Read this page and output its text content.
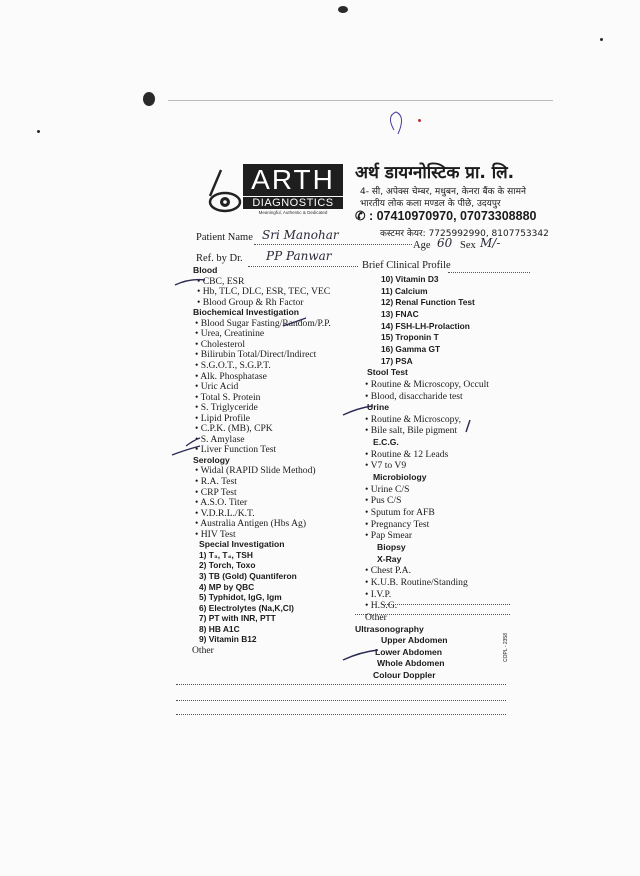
ARTH
DIAGNOSTICS
Meaningful, Authentic & Dedicated
अर्थ डायग्नोस्टिक प्रा. लि.
4- सी, अपेक्स चेम्बर, मधुबन, केनरा बैंक के सामने
भारतीय लोक कला मण्डल के पीछे, उदयपुर
✆ : 07410970970, 07073308880
कस्टमर केयर: 7725992990, 8107753342
Patient Name Sri Manohar
Age 60 Sex M/-
Ref. by Dr. PP Panwar
Brief Clinical Profile
Blood
• CBC, ESR
• Hb, TLC, DLC, ESR, TEC, VEC
• Blood Group & Rh Factor
Biochemical Investigation
• Blood Sugar Fasting/Random/P.P.
• Urea, Creatinine
• Cholesterol
• Bilirubin Total/Direct/Indirect
• S.G.O.T., S.G.P.T.
• Alk. Phosphatase
• Uric Acid
• Total S. Protein
• S. Triglyceride
• Lipid Profile
• C.P.K. (MB), CPK
• S. Amylase
• Liver Function Test
Serology
• Widal (RAPID Slide Method)
• R.A. Test
• CRP Test
• A.S.O. Titer
• V.D.R.L./K.T.
• Australia Antigen (Hbs Ag)
• HIV Test
Special Investigation
1) T₃, T₄, TSH
2) Torch, Toxo
3) TB (Gold) Quantiferon
4) MP by QBC
5) Typhidot, IgG, Igm
6) Electrolytes (Na,K,Cl)
7) PT with INR, PTT
8) HB A1C
9) Vitamin B12
Other
10) Vitamin D3
11) Calcium
12) Renal Function Test
13) FNAC
14) FSH-LH-Prolaction
15) Troponin T
16) Gamma GT
17) PSA
Stool Test
• Routine & Microscopy, Occult
• Blood, disaccharide test
Urine
• Routine & Microscopy,
• Bile salt, Bile pigment
E.C.G.
• Routine & 12 Leads
• V7 to V9
Microbiology
• Urine C/S
• Pus C/S
• Sputum for AFB
• Pregnancy Test
• Pap Smear
Biopsy
X-Ray
• Chest P.A.
• K.U.B. Routine/Standing
• I.V.P.
• H.S.G.
Other
Ultrasonography
Upper Abdomen
Lower Abdomen
Whole Abdomen
Colour Doppler
COPL - 2358
